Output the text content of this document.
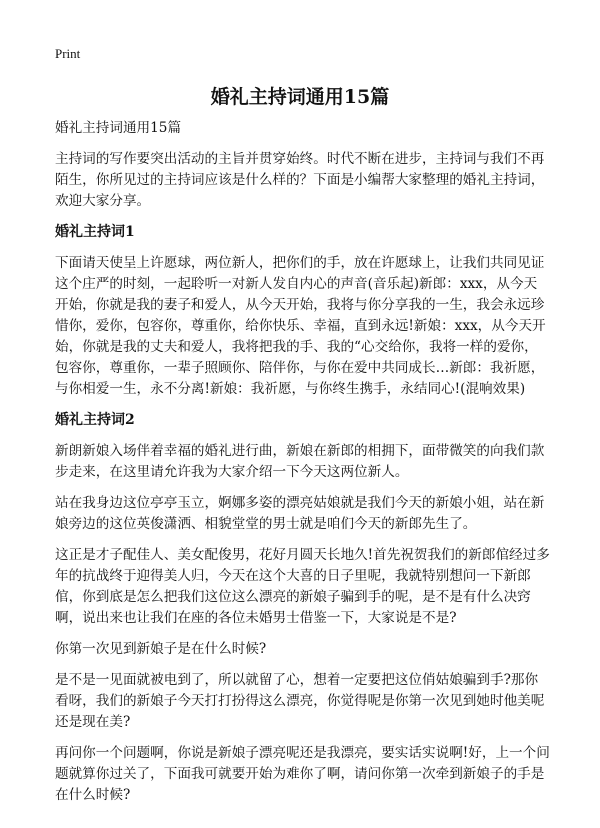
Print
婚礼主持词通用15篇

婚礼主持词通用15篇

主持词的写作要突出活动的主旨并贯穿始终。时代不断在进步，主持词与我们不再陌生，你所见过的主持词应该是什么样的？下面是小编帮大家整理的婚礼主持词，欢迎大家分享。

婚礼主持词1

下面请天使呈上许愿球，两位新人，把你们的手，放在许愿球上，让我们共同见证这个庄严的时刻，一起聆听一对新人发自内心的声音(音乐起)新郎：xxx，从今天开始，你就是我的妻子和爱人，从今天开始，我将与你分享我的一生，我会永远珍惜你，爱你，包容你，尊重你，给你快乐、幸福，直到永远!新娘：xxx，从今天开始，你就是我的丈夫和爱人，我将把我的手、我的“心交给你，我将一样的爱你，包容你，尊重你，一辈子照顾你、陪伴你，与你在爱中共同成长…新郎：我祈愿，与你相爱一生，永不分离!新娘：我祈愿，与你终生携手，永结同心!(混响效果)

婚礼主持词2

新朗新娘入场伴着幸福的婚礼进行曲，新娘在新郎的相拥下，面带微笑的向我们款步走来，在这里请允许我为大家介绍一下今天这两位新人。

站在我身边这位亭亭玉立，婀娜多姿的漂亮姑娘就是我们今天的新娘小姐，站在新娘旁边的这位英俊潇洒、相貌堂堂的男士就是咱们今天的新郎先生了。

这正是才子配佳人、美女配俊男，花好月圆天长地久!首先祝贺我们的新郎倌经过多年的抗战终于迎得美人归，今天在这个大喜的日子里呢，我就特别想问一下新郎倌，你到底是怎么把我们这位这么漂亮的新娘子骗到手的呢，是不是有什么决窍啊，说出来也让我们在座的各位未婚男士借鉴一下，大家说是不是?

你第一次见到新娘子是在什么时候?

是不是一见面就被电到了，所以就留了心，想着一定要把这位俏姑娘骗到手?那你看呀，我们的新娘子今天打打扮得这么漂亮，你觉得呢是你第一次见到她时他美呢还是现在美?

再问你一个问题啊，你说是新娘子漂亮呢还是我漂亮，要实话实说啊!好，上一个问题就算你过关了，下面我可就要开始为难你了啊，请问你第一次牵到新娘子的手是在什么时候?
